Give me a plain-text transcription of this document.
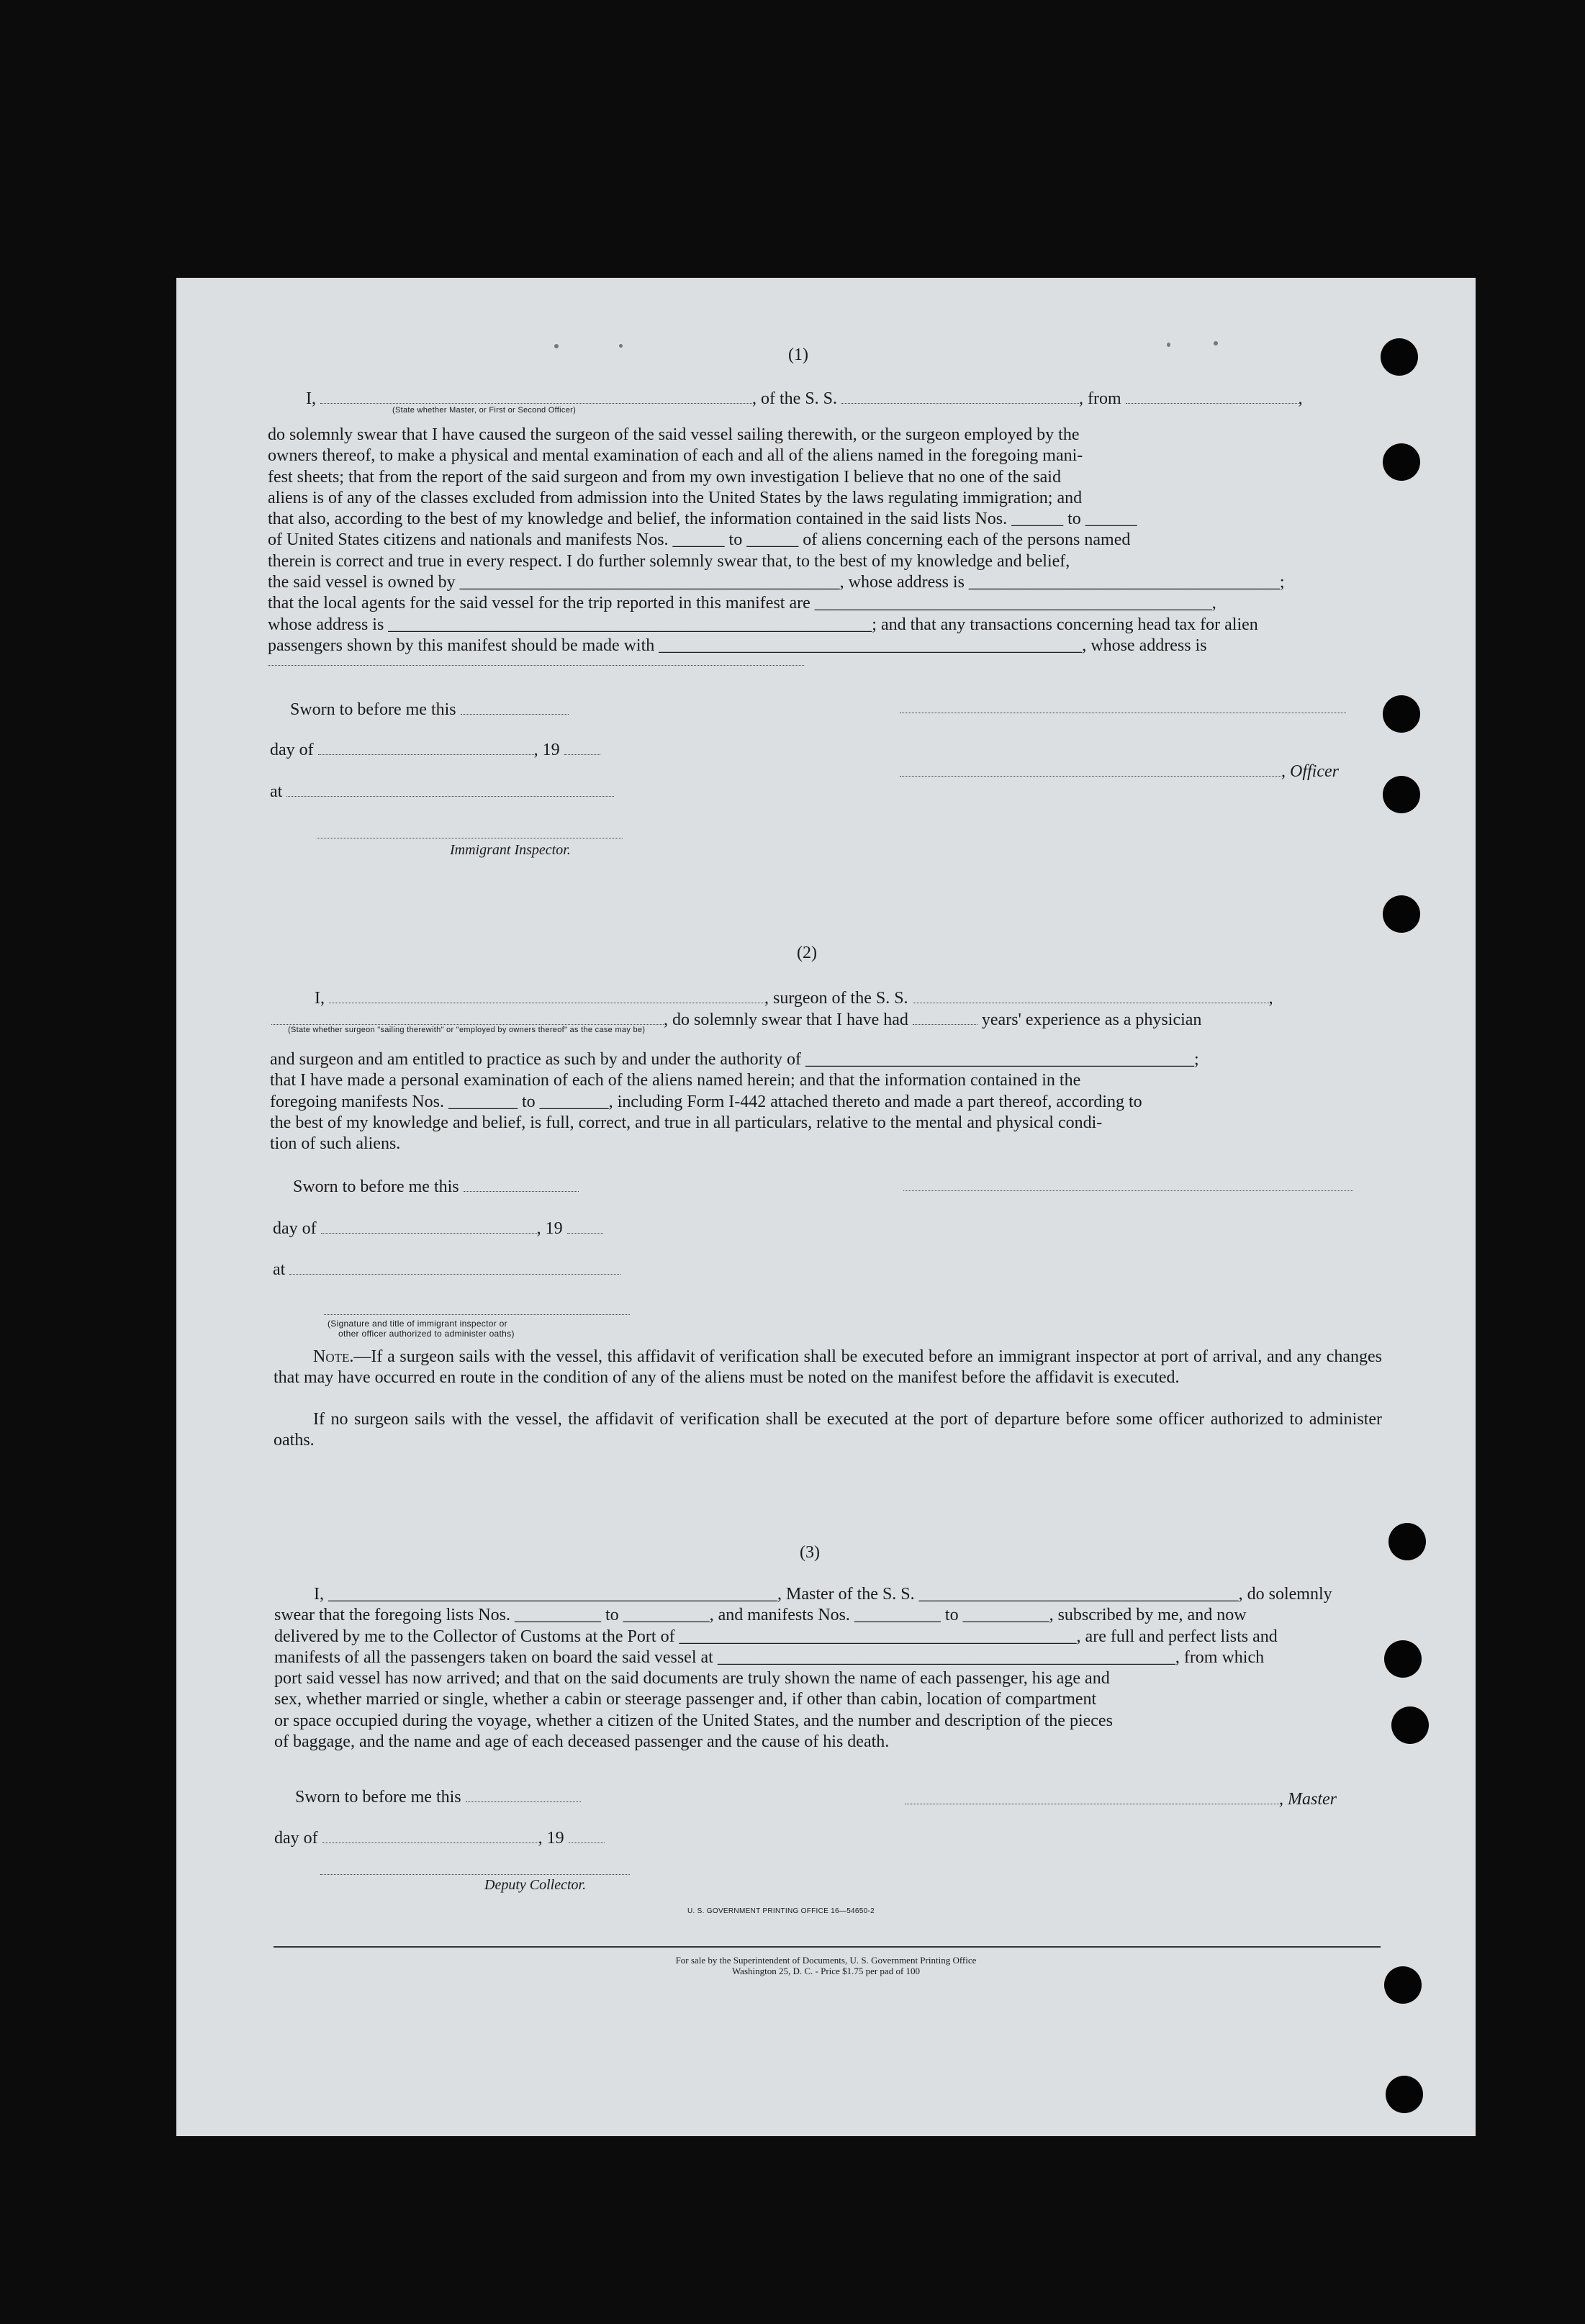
(1)
I,	, of the S. S.	, from	,
(State whether Master, or First or Second Officer)
do solemnly swear that I have caused the surgeon of the said vessel sailing therewith, or the surgeon employed by the
owners thereof, to make a physical and mental examination of each and all of the aliens named in the foregoing mani-
fest sheets; that from the report of the said surgeon and from my own investigation I believe that no one of the said
aliens is of any of the classes excluded from admission into the United States by the laws regulating immigration; and
that also, according to the best of my knowledge and belief, the information contained in the said lists Nos. ______ to ______
of United States citizens and nationals and manifests Nos. ______ to ______ of aliens concerning each of the persons named
therein is correct and true in every respect. I do further solemnly swear that, to the best of my knowledge and belief,
the said vessel is owned by ____________________________________________, whose address is ____________________________________;
that the local agents for the said vessel for the trip reported in this manifest are ______________________________________________,
whose address is ________________________________________________________; and that any transactions concerning head tax for alien
passengers shown by this manifest should be made with _________________________________________________, whose address is
Sworn to before me this
day of	, 19
, Officer
at
Immigrant Inspector.
(2)
I,	, surgeon of the S. S.	,
, do solemnly swear that I have had	years' experience as a physician
(State whether surgeon "sailing therewith" or "employed by owners thereof" as the case may be)
and surgeon and am entitled to practice as such by and under the authority of _____________________________________________;
that I have made a personal examination of each of the aliens named herein; and that the information contained in the
foregoing manifests Nos. ________ to ________, including Form I-442 attached thereto and made a part thereof, according to
the best of my knowledge and belief, is full, correct, and true in all particulars, relative to the mental and physical condi-
tion of such aliens.
Sworn to before me this
day of	, 19
at
(Signature and title of immigrant inspector or
other officer authorized to administer oaths)
Note.—If a surgeon sails with the vessel, this affidavit of verification shall be executed before an immigrant inspector at port of arrival, and any changes that may have occurred en route in the condition of any of the aliens must be noted on the manifest before the affidavit is executed.
If no surgeon sails with the vessel, the affidavit of verification shall be executed at the port of departure before some officer authorized to administer oaths.
(3)
I, ____________________________________________________, Master of the S. S. _____________________________________, do solemnly
swear that the foregoing lists Nos. __________ to __________, and manifests Nos. __________ to __________, subscribed by me, and now
delivered by me to the Collector of Customs at the Port of ______________________________________________, are full and perfect lists and
manifests of all the passengers taken on board the said vessel at _____________________________________________________, from which
port said vessel has now arrived; and that on the said documents are truly shown the name of each passenger, his age and
sex, whether married or single, whether a cabin or steerage passenger and, if other than cabin, location of compartment
or space occupied during the voyage, whether a citizen of the United States, and the number and description of the pieces
of baggage, and the name and age of each deceased passenger and the cause of his death.
Sworn to before me this	, Master
day of	, 19
Deputy Collector.
U. S. GOVERNMENT PRINTING OFFICE 16—54650-2
For sale by the Superintendent of Documents, U. S. Government Printing Office
Washington 25, D. C. - Price $1.75 per pad of 100
